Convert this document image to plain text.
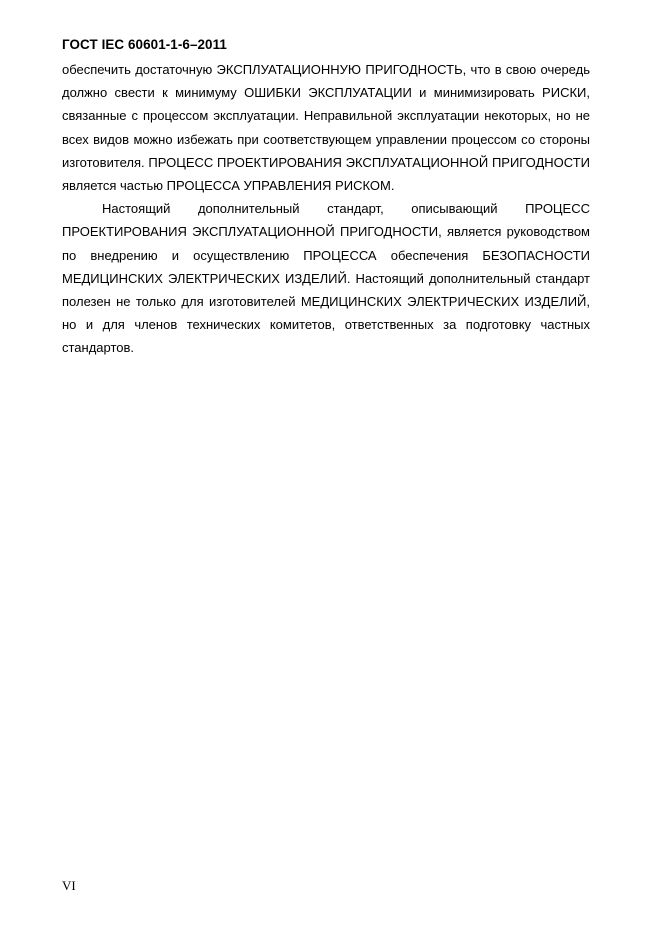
ГОСТ IEC 60601-1-6–2011

обеспечить достаточную ЭКСПЛУАТАЦИОННУЮ ПРИГОДНОСТЬ, что в свою очередь должно свести к минимуму ОШИБКИ ЭКСПЛУАТАЦИИ и минимизировать РИСКИ, связанные с процессом эксплуатации. Неправильной эксплуатации некоторых, но не всех видов можно избежать при соответствующем управлении процессом со стороны изготовителя. ПРОЦЕСС ПРОЕКТИРОВАНИЯ ЭКСПЛУАТАЦИОННОЙ ПРИГОДНОСТИ является частью ПРОЦЕССА УПРАВЛЕНИЯ РИСКОМ.

Настоящий дополнительный стандарт, описывающий ПРОЦЕСС ПРОЕКТИРОВАНИЯ ЭКСПЛУАТАЦИОННОЙ ПРИГОДНОСТИ, является руководством по внедрению и осуществлению ПРОЦЕССА обеспечения БЕЗОПАСНОСТИ МЕДИЦИНСКИХ ЭЛЕКТРИЧЕСКИХ ИЗДЕЛИЙ. Настоящий дополнительный стандарт полезен не только для изготовителей МЕДИЦИНСКИХ ЭЛЕКТРИЧЕСКИХ ИЗДЕЛИЙ, но и для членов технических комитетов, ответственных за подготовку частных стандартов.

VI
